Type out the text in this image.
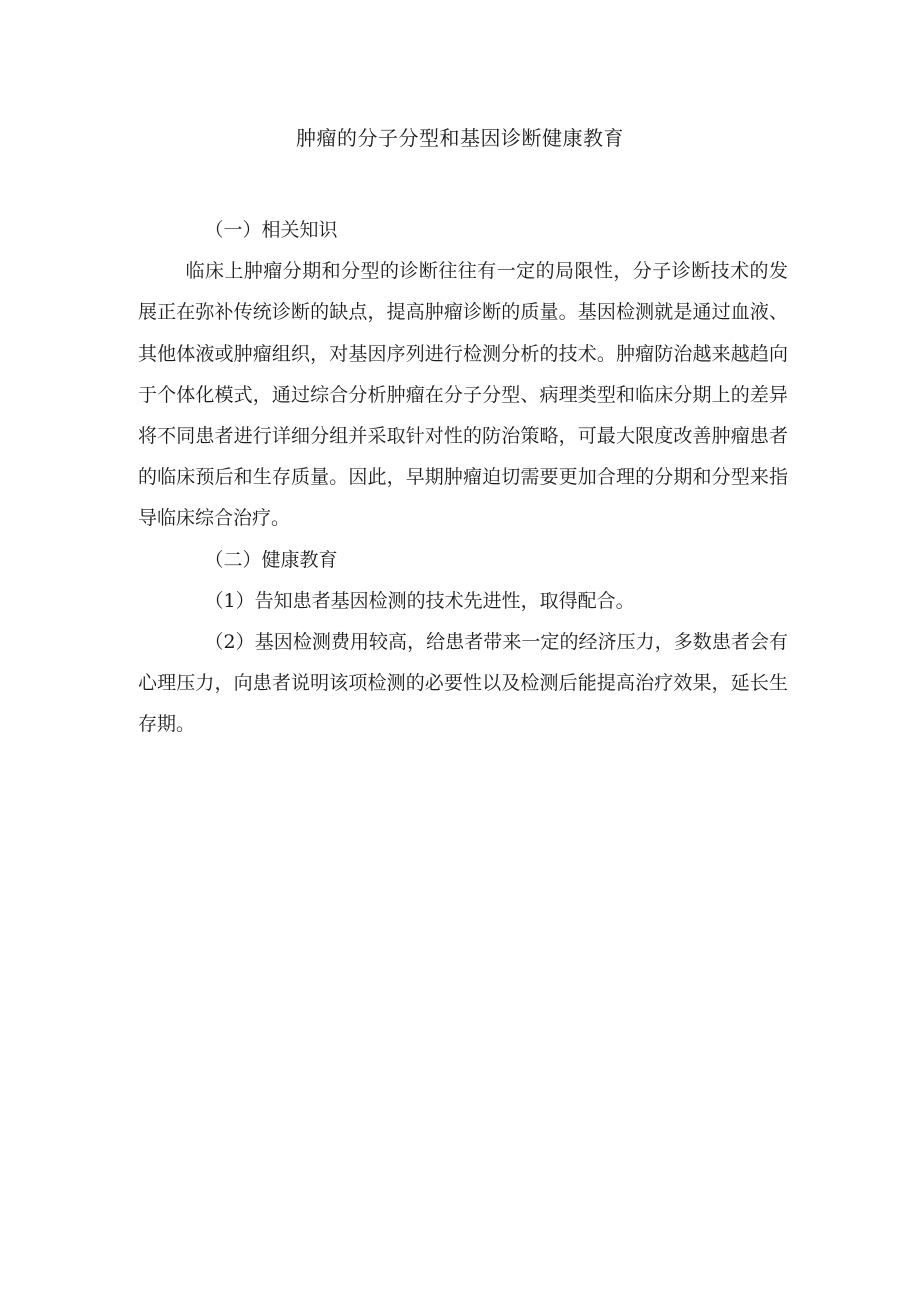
肿瘤的分子分型和基因诊断健康教育

（一）相关知识

临床上肿瘤分期和分型的诊断往往有一定的局限性，分子诊断技术的发展正在弥补传统诊断的缺点，提高肿瘤诊断的质量。基因检测就是通过血液、其他体液或肿瘤组织，对基因序列进行检测分析的技术。肿瘤防治越来越趋向于个体化模式，通过综合分析肿瘤在分子分型、病理类型和临床分期上的差异将不同患者进行详细分组并采取针对性的防治策略，可最大限度改善肿瘤患者的临床预后和生存质量。因此，早期肿瘤迫切需要更加合理的分期和分型来指导临床综合治疗。

（二）健康教育

（1）告知患者基因检测的技术先进性，取得配合。

（2）基因检测费用较高，给患者带来一定的经济压力，多数患者会有心理压力，向患者说明该项检测的必要性以及检测后能提高治疗效果，延长生存期。
